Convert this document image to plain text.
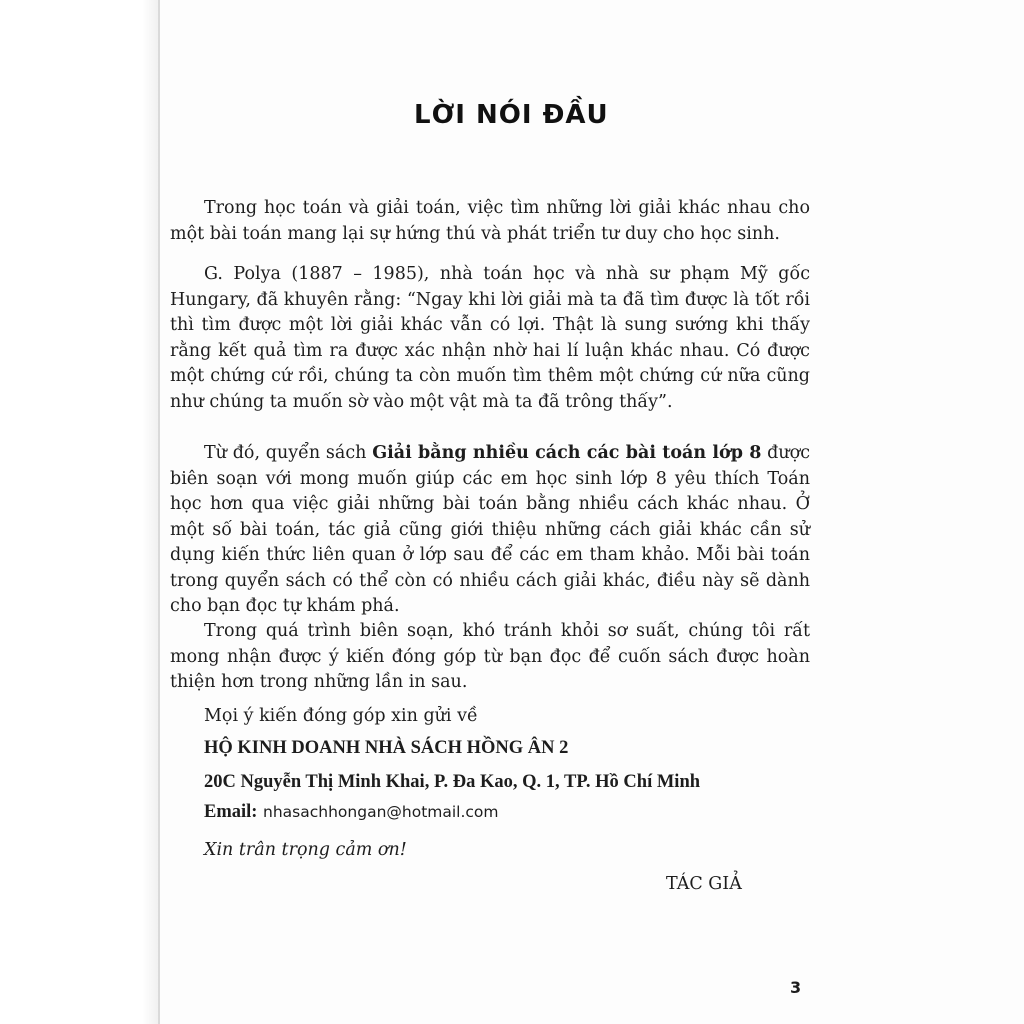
LỜI NÓI ĐẦU

Trong học toán và giải toán, việc tìm những lời giải khác nhau cho một bài toán mang lại sự hứng thú và phát triển tư duy cho học sinh.

G. Polya (1887 – 1985), nhà toán học và nhà sư phạm Mỹ gốc Hungary, đã khuyên rằng: “Ngay khi lời giải mà ta đã tìm được là tốt rồi thì tìm được một lời giải khác vẫn có lợi. Thật là sung sướng khi thấy rằng kết quả tìm ra được xác nhận nhờ hai lí luận khác nhau. Có được một chứng cứ rồi, chúng ta còn muốn tìm thêm một chứng cứ nữa cũng như chúng ta muốn sờ vào một vật mà ta đã trông thấy”.

Từ đó, quyển sách Giải bằng nhiều cách các bài toán lớp 8 được biên soạn với mong muốn giúp các em học sinh lớp 8 yêu thích Toán học hơn qua việc giải những bài toán bằng nhiều cách khác nhau. Ở một số bài toán, tác giả cũng giới thiệu những cách giải khác cần sử dụng kiến thức liên quan ở lớp sau để các em tham khảo. Mỗi bài toán trong quyển sách có thể còn có nhiều cách giải khác, điều này sẽ dành cho bạn đọc tự khám phá.

Trong quá trình biên soạn, khó tránh khỏi sơ suất, chúng tôi rất mong nhận được ý kiến đóng góp từ bạn đọc để cuốn sách được hoàn thiện hơn trong những lần in sau.

Mọi ý kiến đóng góp xin gửi về

HỘ KINH DOANH NHÀ SÁCH HỒNG ÂN 2

20C Nguyễn Thị Minh Khai, P. Đa Kao, Q. 1, TP. Hồ Chí Minh

Email: nhasachhongan@hotmail.com

Xin trân trọng cảm ơn!

TÁC GIẢ

3
